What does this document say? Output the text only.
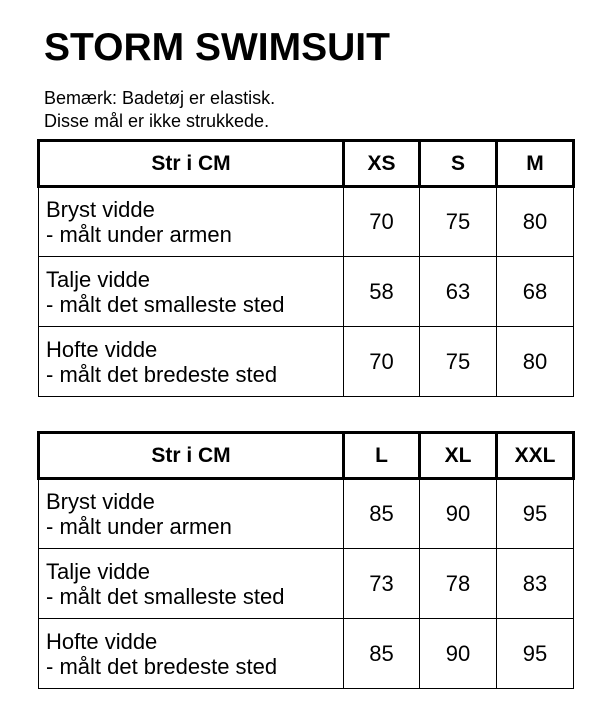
STORM SWIMSUIT
Bemærk: Badetøj er elastisk.
Disse mål er ikke strukkede.
Str i CM	XS	S	M

Bryst vidde
- målt under armen	70	75	80

Talje vidde
- målt det smalleste sted	58	63	68

Hofte vidde
- målt det bredeste sted	70	75	80
Str i CM	L	XL	XXL

Bryst vidde
- målt under armen	85	90	95

Talje vidde
- målt det smalleste sted	73	78	83

Hofte vidde
- målt det bredeste sted	85	90	95
